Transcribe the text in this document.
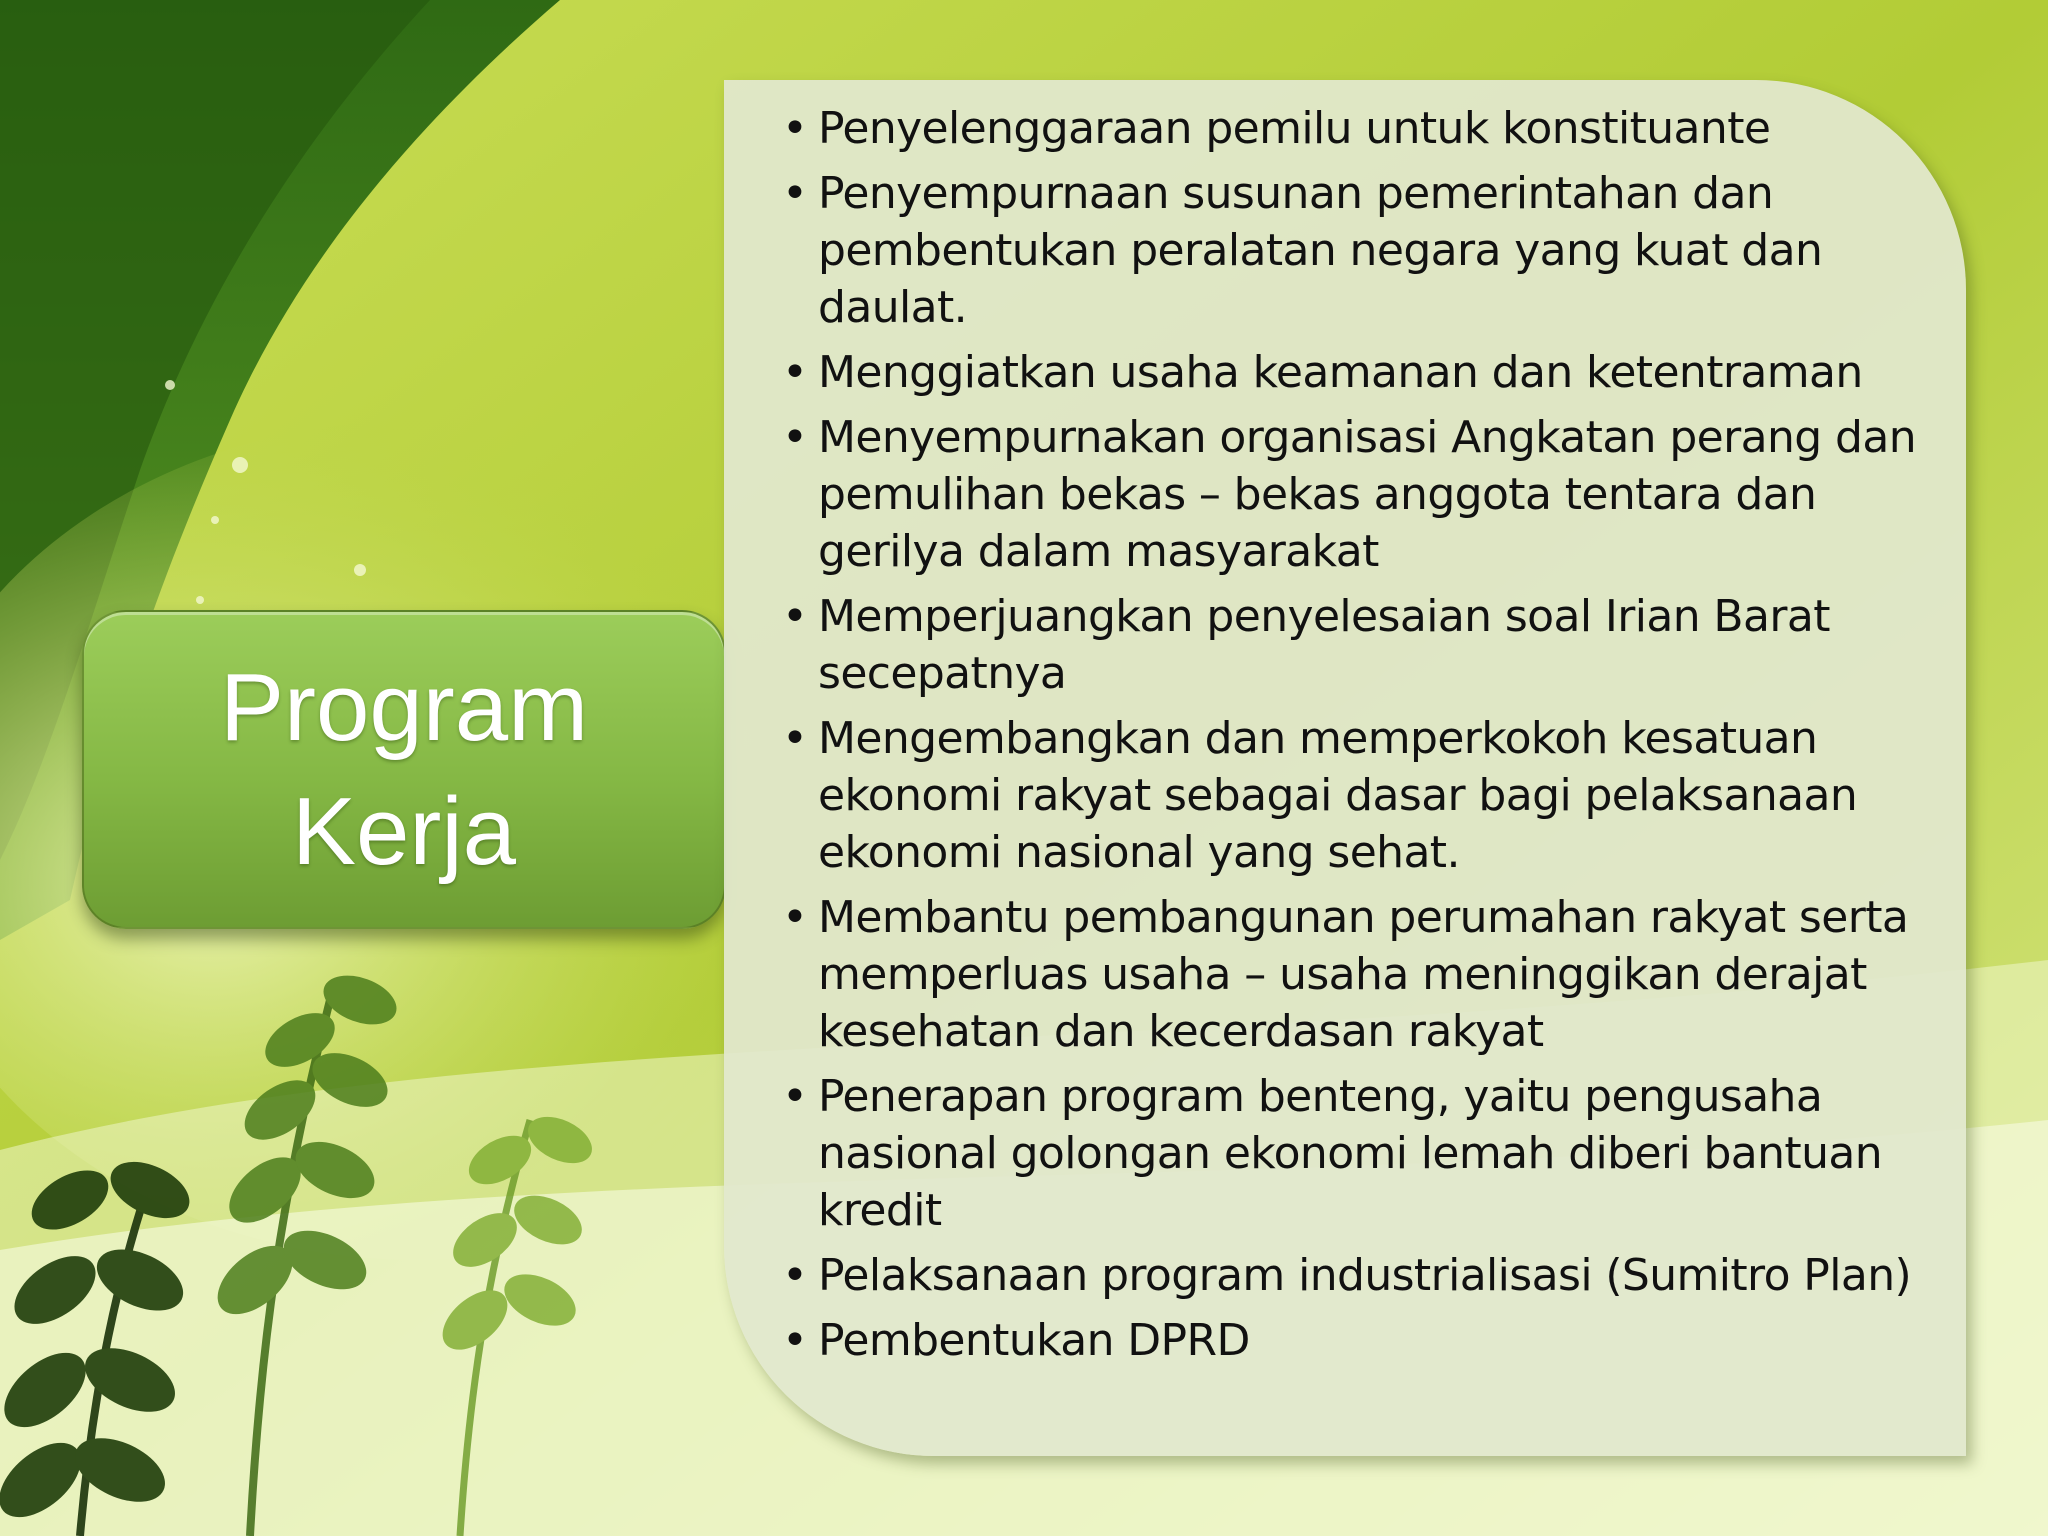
Program
Kerja
• Penyelenggaraan pemilu untuk konstituante
• Penyempurnaan susunan pemerintahan dan pembentukan peralatan negara yang kuat dan daulat.
• Menggiatkan usaha keamanan dan ketentraman
• Menyempurnakan organisasi Angkatan perang dan pemulihan bekas – bekas anggota tentara dan gerilya dalam masyarakat
• Memperjuangkan penyelesaian soal Irian Barat secepatnya
• Mengembangkan dan memperkokoh kesatuan ekonomi rakyat sebagai dasar bagi pelaksanaan ekonomi nasional yang sehat.
• Membantu pembangunan perumahan rakyat serta memperluas usaha – usaha meninggikan derajat kesehatan dan kecerdasan rakyat
• Penerapan program benteng, yaitu pengusaha nasional golongan ekonomi lemah diberi bantuan kredit
• Pelaksanaan program industrialisasi (Sumitro Plan)
• Pembentukan DPRD
